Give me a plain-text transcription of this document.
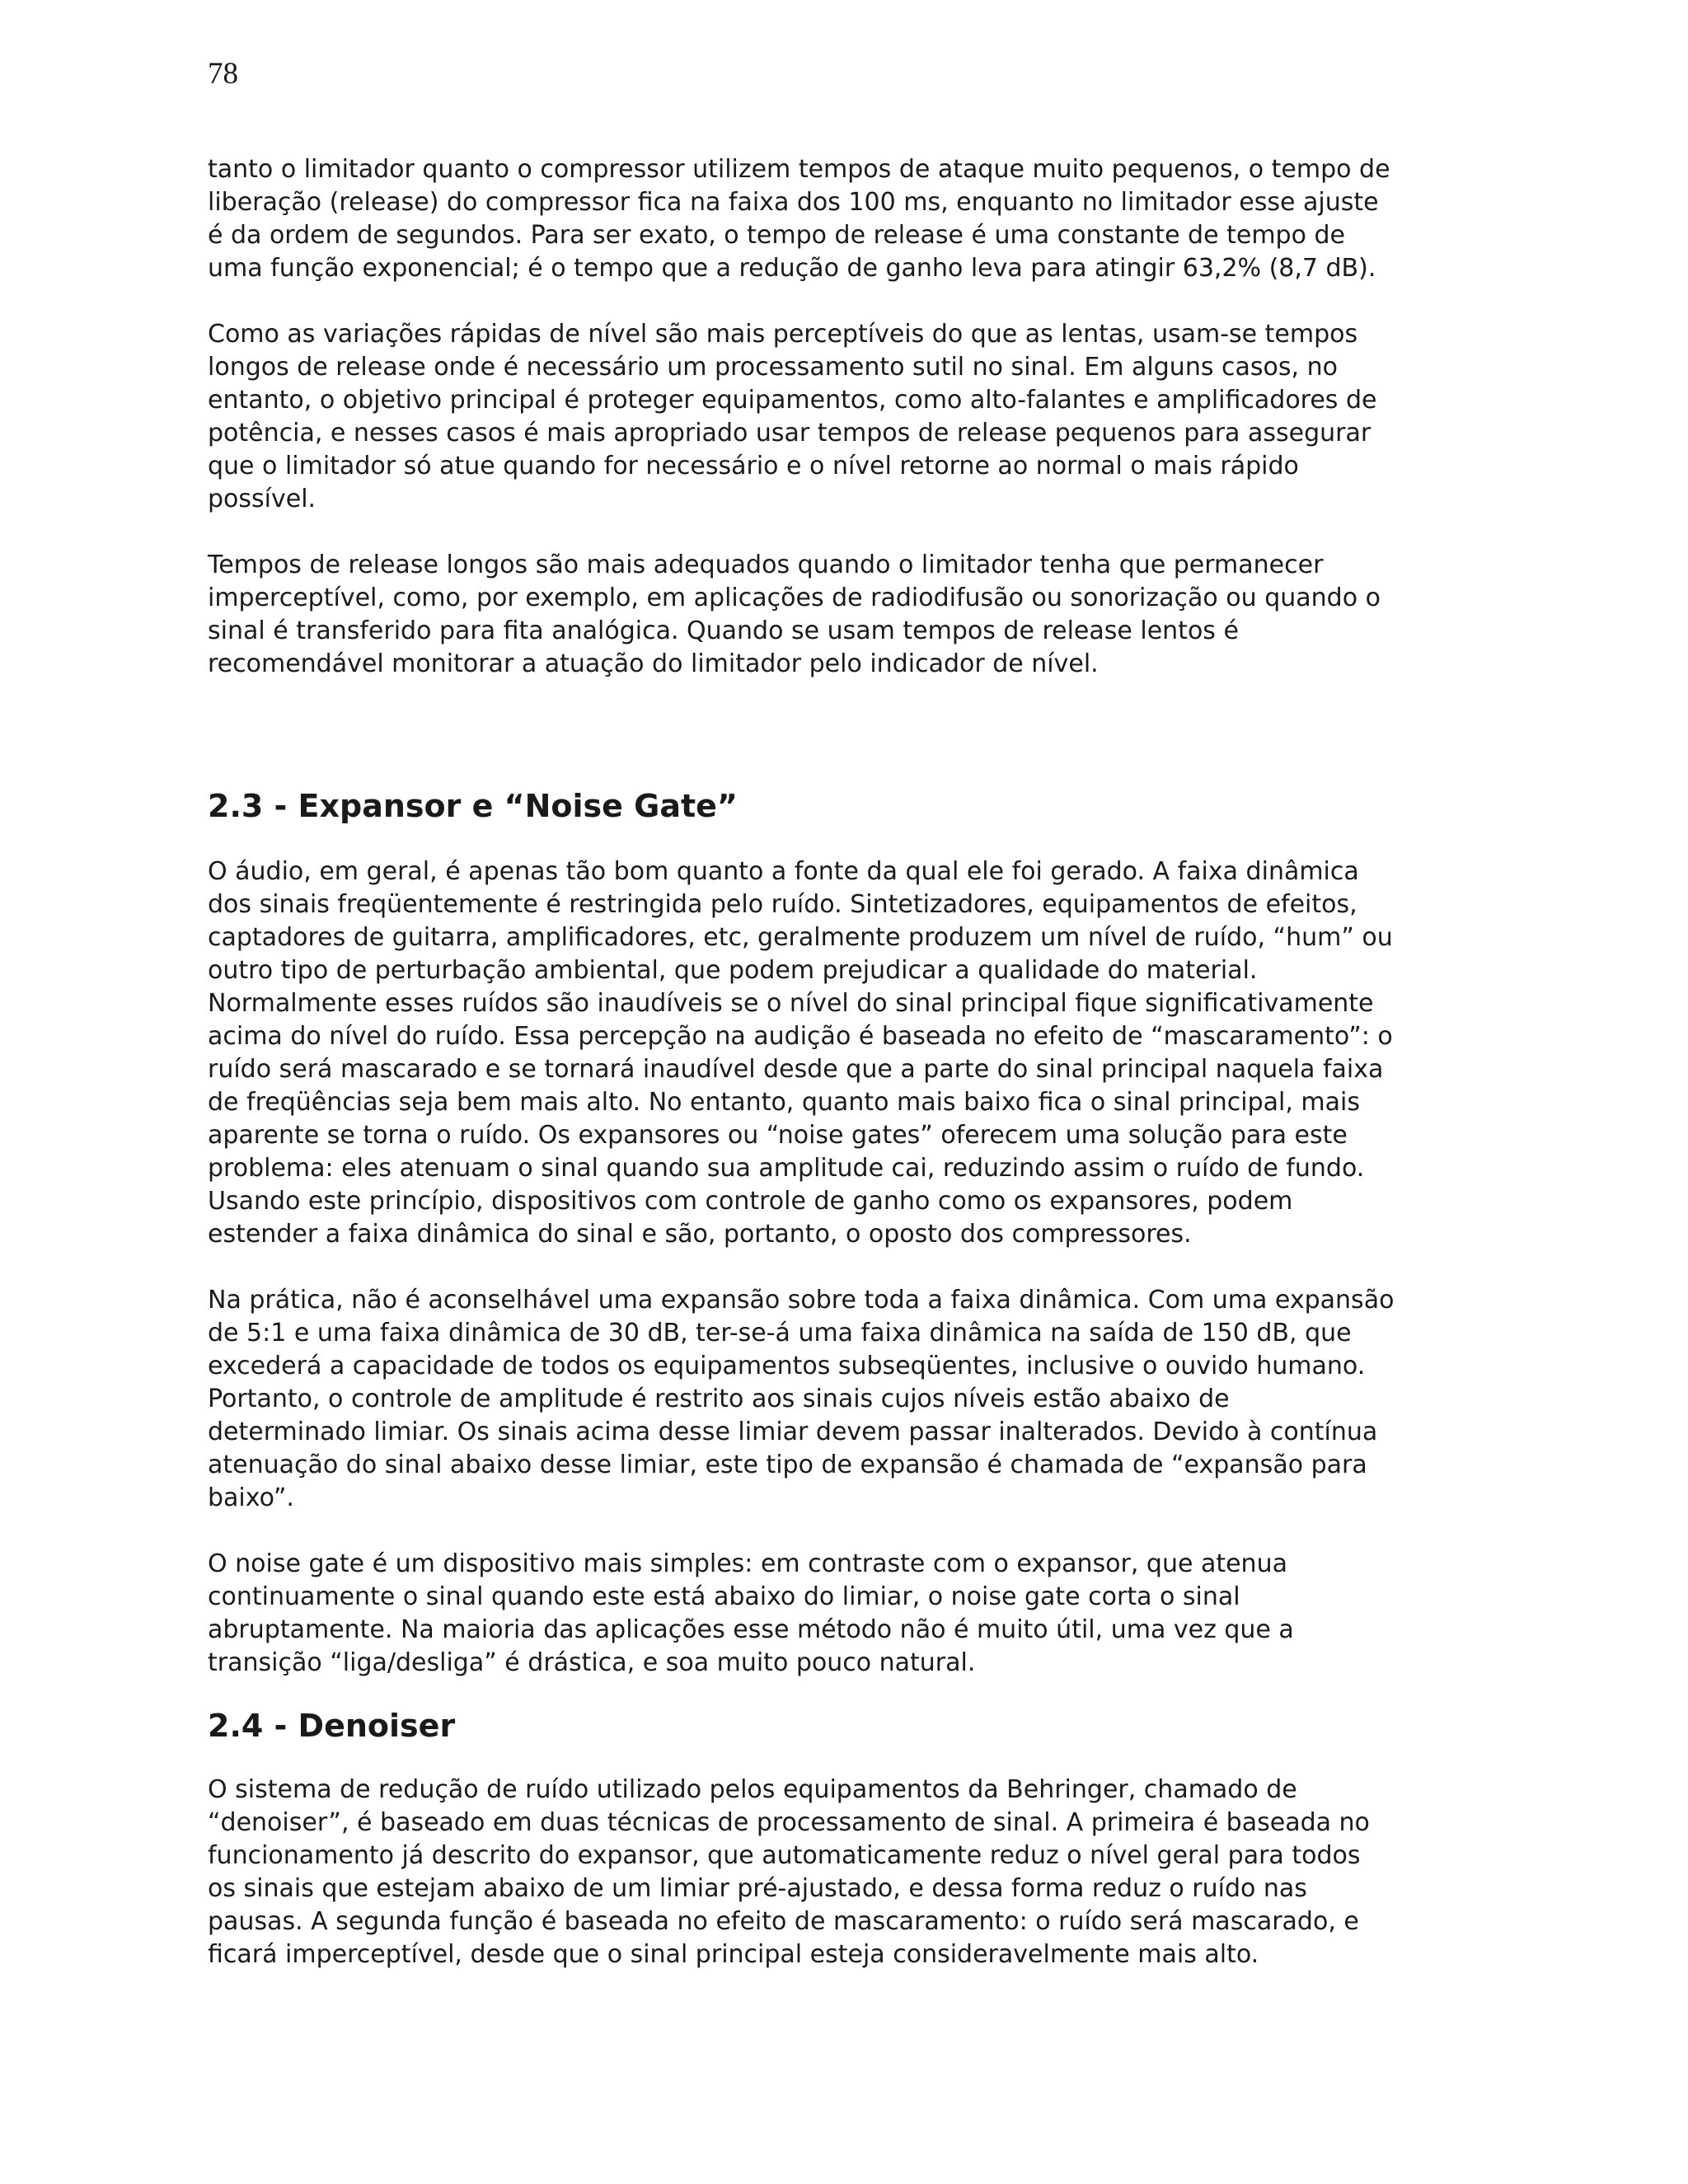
78

tanto o limitador quanto o compressor utilizem tempos de ataque muito pequenos, o tempo de

liberação (release) do compressor fica na faixa dos 100 ms, enquanto no limitador esse ajuste

é da ordem de segundos. Para ser exato, o tempo de release é uma constante de tempo de

uma função exponencial; é o tempo que a redução de ganho leva para atingir 63,2% (8,7 dB).

Como as variações rápidas de nível são mais perceptíveis do que as lentas, usam-se tempos

longos de release onde é necessário um processamento sutil no sinal. Em alguns casos, no

entanto, o objetivo principal é proteger equipamentos, como alto-falantes e amplificadores de

potência, e nesses casos é mais apropriado usar tempos de release pequenos para assegurar

que o limitador só atue quando for necessário e o nível retorne ao normal o mais rápido

possível.

Tempos de release longos são mais adequados quando o limitador tenha que permanecer

imperceptível, como, por exemplo, em aplicações de radiodifusão ou sonorização ou quando o

sinal é transferido para fita analógica. Quando se usam tempos de release lentos é

recomendável monitorar a atuação do limitador pelo indicador de nível.

2.3 - Expansor e “Noise Gate”

O áudio, em geral, é apenas tão bom quanto a fonte da qual ele foi gerado. A faixa dinâmica

dos sinais freqüentemente é restringida pelo ruído. Sintetizadores, equipamentos de efeitos,

captadores de guitarra, amplificadores, etc, geralmente produzem um nível de ruído, “hum” ou

outro tipo de perturbação ambiental, que podem prejudicar a qualidade do material.

Normalmente esses ruídos são inaudíveis se o nível do sinal principal fique significativamente

acima do nível do ruído. Essa percepção na audição é baseada no efeito de “mascaramento”: o

ruído será mascarado e se tornará inaudível desde que a parte do sinal principal naquela faixa

de freqüências seja bem mais alto. No entanto, quanto mais baixo fica o sinal principal, mais

aparente se torna o ruído. Os expansores ou “noise gates” oferecem uma solução para este

problema: eles atenuam o sinal quando sua amplitude cai, reduzindo assim o ruído de fundo.

Usando este princípio, dispositivos com controle de ganho como os expansores, podem

estender a faixa dinâmica do sinal e são, portanto, o oposto dos compressores.

Na prática, não é aconselhável uma expansão sobre toda a faixa dinâmica. Com uma expansão

de 5:1 e uma faixa dinâmica de 30 dB, ter-se-á uma faixa dinâmica na saída de 150 dB, que

excederá a capacidade de todos os equipamentos subseqüentes, inclusive o ouvido humano.

Portanto, o controle de amplitude é restrito aos sinais cujos níveis estão abaixo de

determinado limiar. Os sinais acima desse limiar devem passar inalterados. Devido à contínua

atenuação do sinal abaixo desse limiar, este tipo de expansão é chamada de “expansão para

baixo”.

O noise gate é um dispositivo mais simples: em contraste com o expansor, que atenua

continuamente o sinal quando este está abaixo do limiar, o noise gate corta o sinal

abruptamente. Na maioria das aplicações esse método não é muito útil, uma vez que a

transição “liga/desliga” é drástica, e soa muito pouco natural.

2.4 - Denoiser

O sistema de redução de ruído utilizado pelos equipamentos da Behringer, chamado de

“denoiser”, é baseado em duas técnicas de processamento de sinal. A primeira é baseada no

funcionamento já descrito do expansor, que automaticamente reduz o nível geral para todos

os sinais que estejam abaixo de um limiar pré-ajustado, e dessa forma reduz o ruído nas

pausas. A segunda função é baseada no efeito de mascaramento: o ruído será mascarado, e

ficará imperceptível, desde que o sinal principal esteja consideravelmente mais alto.
